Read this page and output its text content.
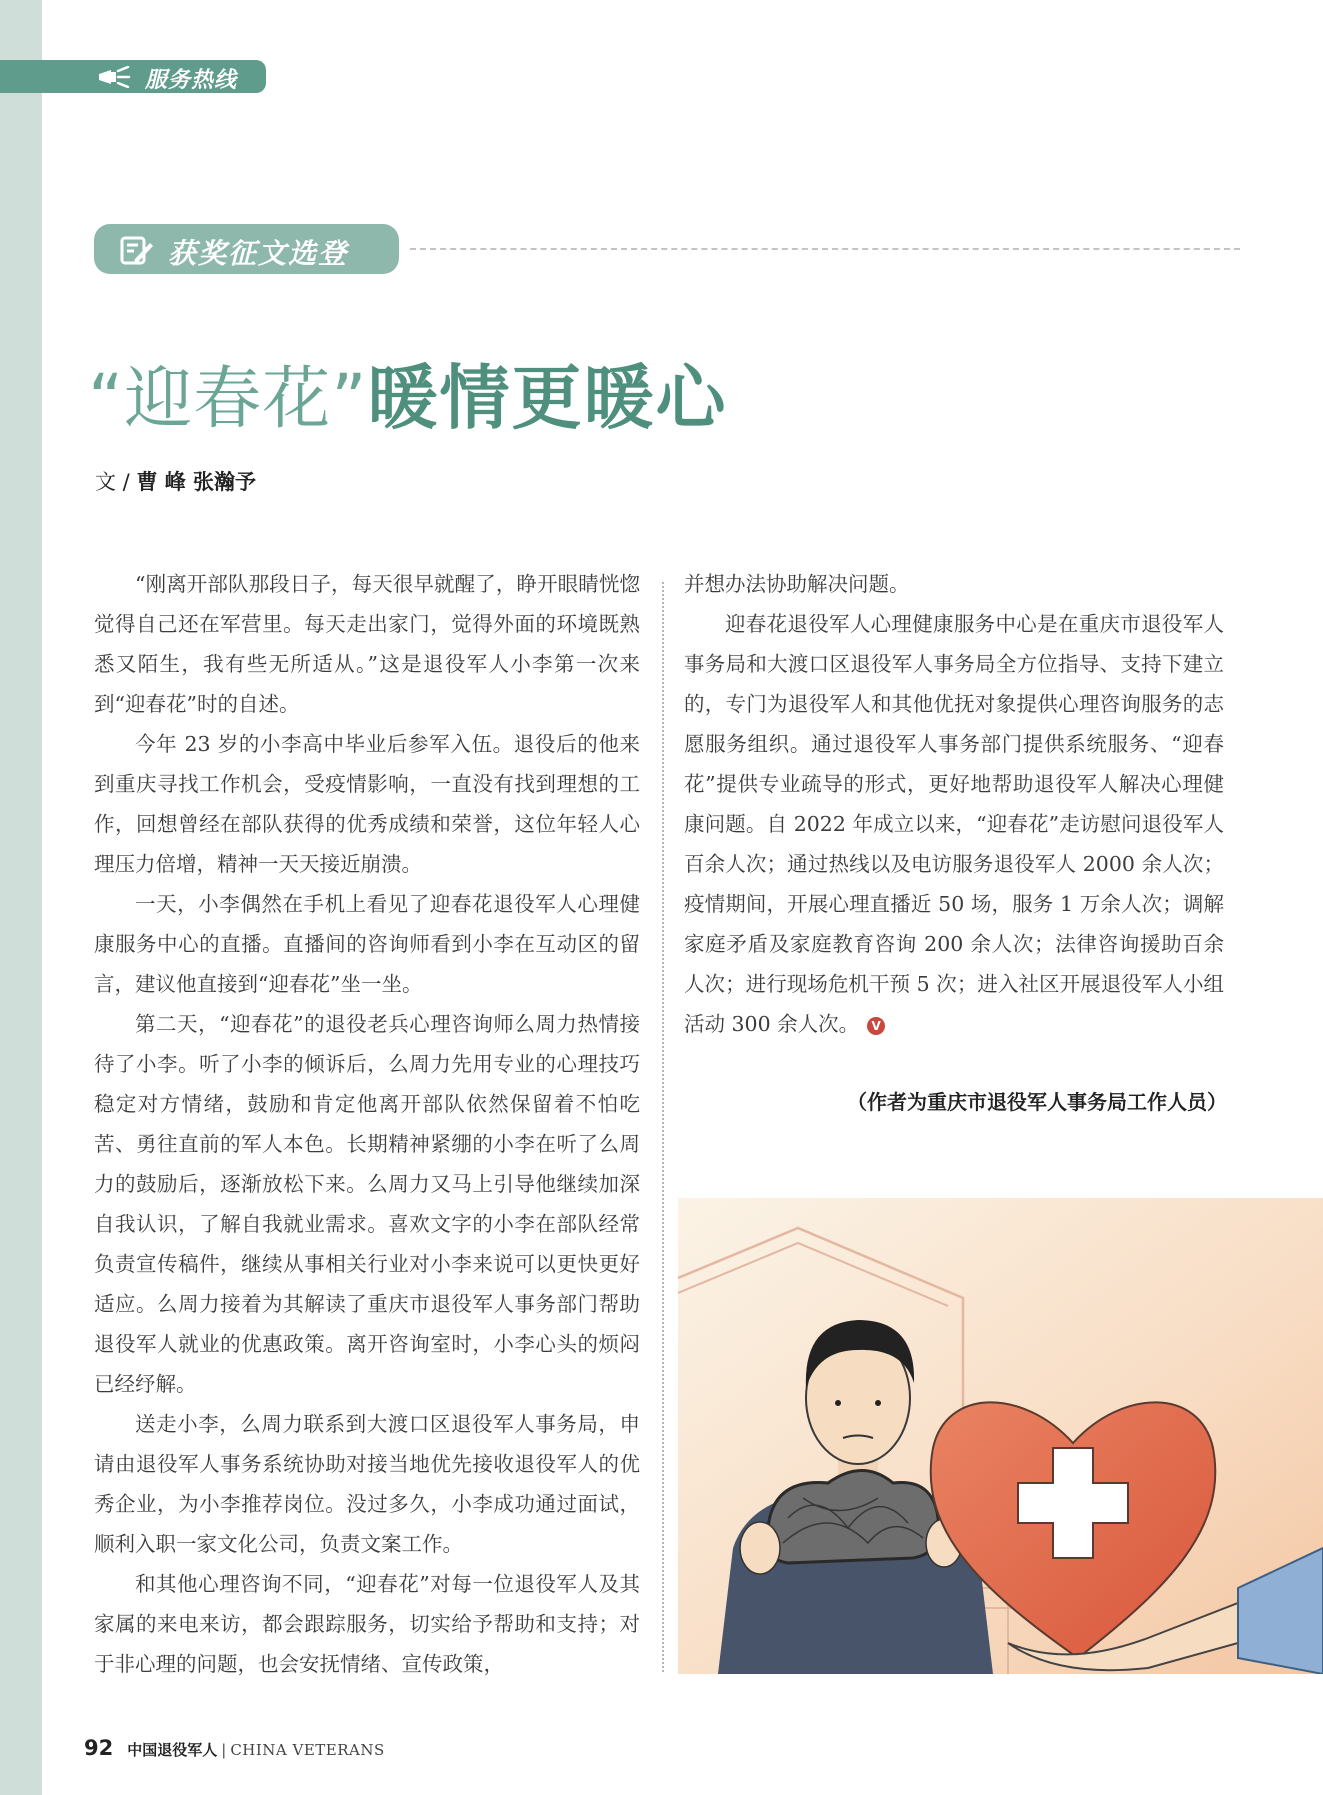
服务热线
获奖征文选登
“迎春花”暖情更暖心
文 / 曹 峰 张瀚予

“刚离开部队那段日子，每天很早就醒了，睁开眼睛恍惚觉得自己还在军营里。每天走出家门，觉得外面的环境既熟悉又陌生，我有些无所适从。”这是退役军人小李第一次来到“迎春花”时的自述。

今年 23 岁的小李高中毕业后参军入伍。退役后的他来到重庆寻找工作机会，受疫情影响，一直没有找到理想的工作，回想曾经在部队获得的优秀成绩和荣誉，这位年轻人心理压力倍增，精神一天天接近崩溃。

一天，小李偶然在手机上看见了迎春花退役军人心理健康服务中心的直播。直播间的咨询师看到小李在互动区的留言，建议他直接到“迎春花”坐一坐。

第二天，“迎春花”的退役老兵心理咨询师么周力热情接待了小李。听了小李的倾诉后，么周力先用专业的心理技巧稳定对方情绪，鼓励和肯定他离开部队依然保留着不怕吃苦、勇往直前的军人本色。长期精神紧绷的小李在听了么周力的鼓励后，逐渐放松下来。么周力又马上引导他继续加深自我认识，了解自我就业需求。喜欢文字的小李在部队经常负责宣传稿件，继续从事相关行业对小李来说可以更快更好适应。么周力接着为其解读了重庆市退役军人事务部门帮助退役军人就业的优惠政策。离开咨询室时，小李心头的烦闷已经纾解。

送走小李，么周力联系到大渡口区退役军人事务局，申请由退役军人事务系统协助对接当地优先接收退役军人的优秀企业，为小李推荐岗位。没过多久，小李成功通过面试，顺利入职一家文化公司，负责文案工作。

和其他心理咨询不同，“迎春花”对每一位退役军人及其家属的来电来访，都会跟踪服务，切实给予帮助和支持；对于非心理的问题，也会安抚情绪、宣传政策，

并想办法协助解决问题。

迎春花退役军人心理健康服务中心是在重庆市退役军人事务局和大渡口区退役军人事务局全方位指导、支持下建立的，专门为退役军人和其他优抚对象提供心理咨询服务的志愿服务组织。通过退役军人事务部门提供系统服务、“迎春花”提供专业疏导的形式，更好地帮助退役军人解决心理健康问题。自 2022 年成立以来，“迎春花”走访慰问退役军人百余人次；通过热线以及电访服务退役军人 2000 余人次；疫情期间，开展心理直播近 50 场，服务 1 万余人次；调解家庭矛盾及家庭教育咨询 200 余人次；法律咨询援助百余人次；进行现场危机干预 5 次；进入社区开展退役军人小组活动 300 余人次。 V

（作者为重庆市退役军人事务局工作人员）
92 中国退役军人 | CHINA VETERANS
